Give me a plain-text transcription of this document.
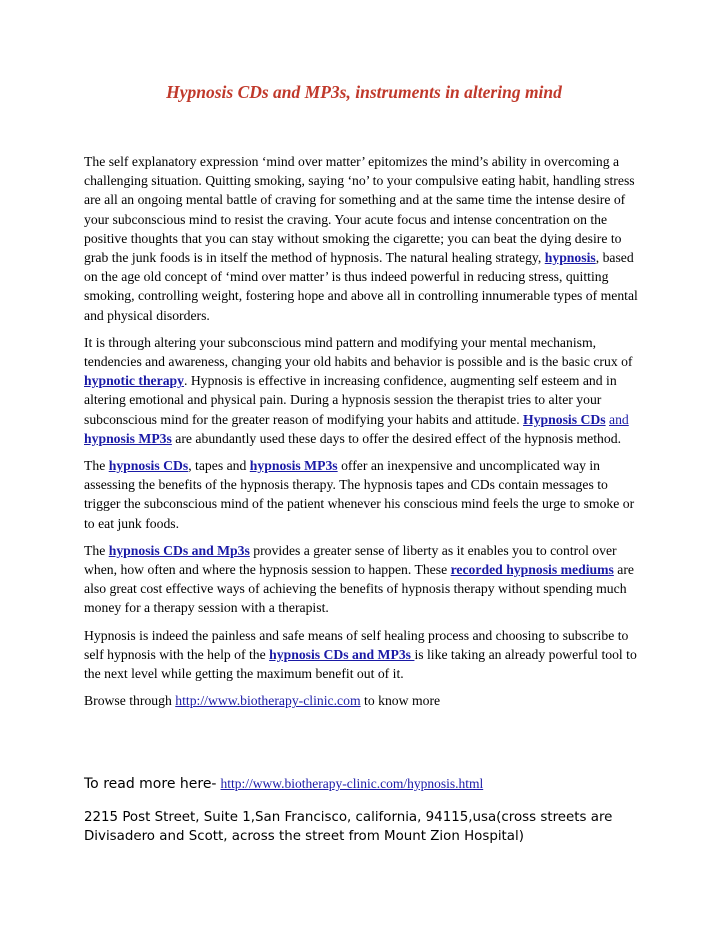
Hypnosis CDs and MP3s, instruments in altering mind

The self explanatory expression ‘mind over matter’ epitomizes the mind’s ability in overcoming a challenging situation. Quitting smoking, saying ‘no’ to your compulsive eating habit, handling stress are all an ongoing mental battle of craving for something and at the same time the intense desire of your subconscious mind to resist the craving. Your acute focus and intense concentration on the positive thoughts that you can stay without smoking the cigarette; you can beat the dying desire to grab the junk foods is in itself the method of hypnosis. The natural healing strategy, hypnosis, based on the age old concept of ‘mind over matter’ is thus indeed powerful in reducing stress, quitting smoking, controlling weight, fostering hope and above all in controlling innumerable types of mental and physical disorders.

It is through altering your subconscious mind pattern and modifying your mental mechanism, tendencies and awareness, changing your old habits and behavior is possible and is the basic crux of hypnotic therapy. Hypnosis is effective in increasing confidence, augmenting self esteem and in altering emotional and physical pain. During a hypnosis session the therapist tries to alter your subconscious mind for the greater reason of modifying your habits and attitude. Hypnosis CDs and hypnosis MP3s are abundantly used these days to offer the desired effect of the hypnosis method.

The hypnosis CDs, tapes and hypnosis MP3s offer an inexpensive and uncomplicated way in assessing the benefits of the hypnosis therapy. The hypnosis tapes and CDs contain messages to trigger the subconscious mind of the patient whenever his conscious mind feels the urge to smoke or to eat junk foods.

The hypnosis CDs and Mp3s provides a greater sense of liberty as it enables you to control over when, how often and where the hypnosis session to happen. These recorded hypnosis mediums are also great cost effective ways of achieving the benefits of hypnosis therapy without spending much money for a therapy session with a therapist.

Hypnosis is indeed the painless and safe means of self healing process and choosing to subscribe to self hypnosis with the help of the hypnosis CDs and MP3s is like taking an already powerful tool to the next level while getting the maximum benefit out of it.

Browse through http://www.biotherapy-clinic.com to know more

To read more here- http://www.biotherapy-clinic.com/hypnosis.html
2215 Post Street, Suite 1,San Francisco, california, 94115,usa(cross streets are Divisadero and Scott, across the street from Mount Zion Hospital)
